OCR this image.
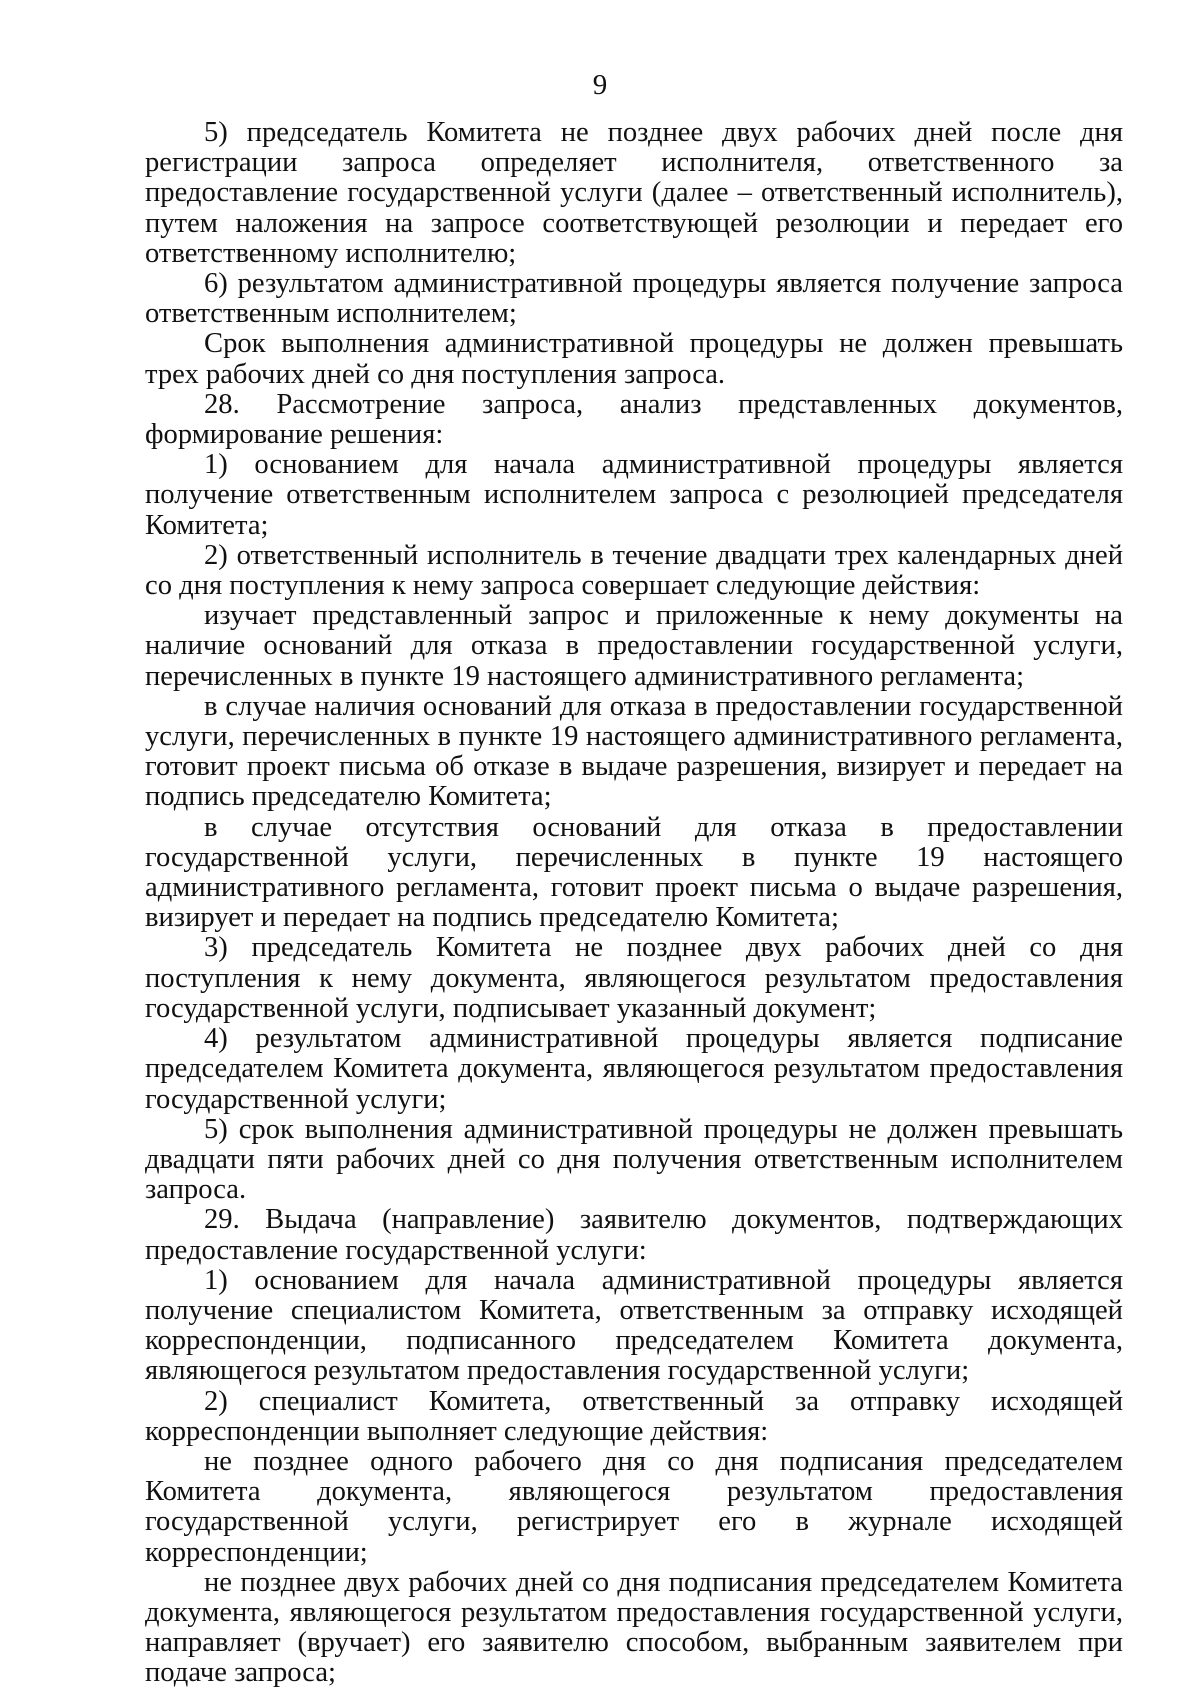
9

5) председатель Комитета не позднее двух рабочих дней после дня регистрации запроса определяет исполнителя, ответственного за предоставление государственной услуги (далее – ответственный исполнитель), путем наложения на запросе соответствующей резолюции и передает его ответственному исполнителю;

6) результатом административной процедуры является получение запроса ответственным исполнителем;

Срок выполнения административной процедуры не должен превышать трех рабочих дней со дня поступления запроса.

28. Рассмотрение запроса, анализ представленных документов, формирование решения:

1) основанием для начала административной процедуры является получение ответственным исполнителем запроса с резолюцией председателя Комитета;

2) ответственный исполнитель в течение двадцати трех календарных дней со дня поступления к нему запроса совершает следующие действия:

изучает представленный запрос и приложенные к нему документы на наличие оснований для отказа в предоставлении государственной услуги, перечисленных в пункте 19 настоящего административного регламента;

в случае наличия оснований для отказа в предоставлении государственной услуги, перечисленных в пункте 19 настоящего административного регламента, готовит проект письма об отказе в выдаче разрешения, визирует и передает на подпись председателю Комитета;

в случае отсутствия оснований для отказа в предоставлении государственной услуги, перечисленных в пункте 19 настоящего административного регламента, готовит проект письма о выдаче разрешения, визирует и передает на подпись председателю Комитета;

3) председатель Комитета не позднее двух рабочих дней со дня поступления к нему документа, являющегося результатом предоставления государственной услуги, подписывает указанный документ;

4) результатом административной процедуры является подписание председателем Комитета документа, являющегося результатом предоставления государственной услуги;

5) срок выполнения административной процедуры не должен превышать двадцати пяти рабочих дней со дня получения ответственным исполнителем запроса.

29. Выдача (направление) заявителю документов, подтверждающих предоставление государственной услуги:

1) основанием для начала административной процедуры является получение специалистом Комитета, ответственным за отправку исходящей корреспонденции, подписанного председателем Комитета документа, являющегося результатом предоставления государственной услуги;

2) специалист Комитета, ответственный за отправку исходящей корреспонденции выполняет следующие действия:

не позднее одного рабочего дня со дня подписания председателем Комитета документа, являющегося результатом предоставления государственной услуги, регистрирует его в журнале исходящей корреспонденции;

не позднее двух рабочих дней со дня подписания председателем Комитета документа, являющегося результатом предоставления государственной услуги, направляет (вручает) его заявителю способом, выбранным заявителем при подаче запроса;
